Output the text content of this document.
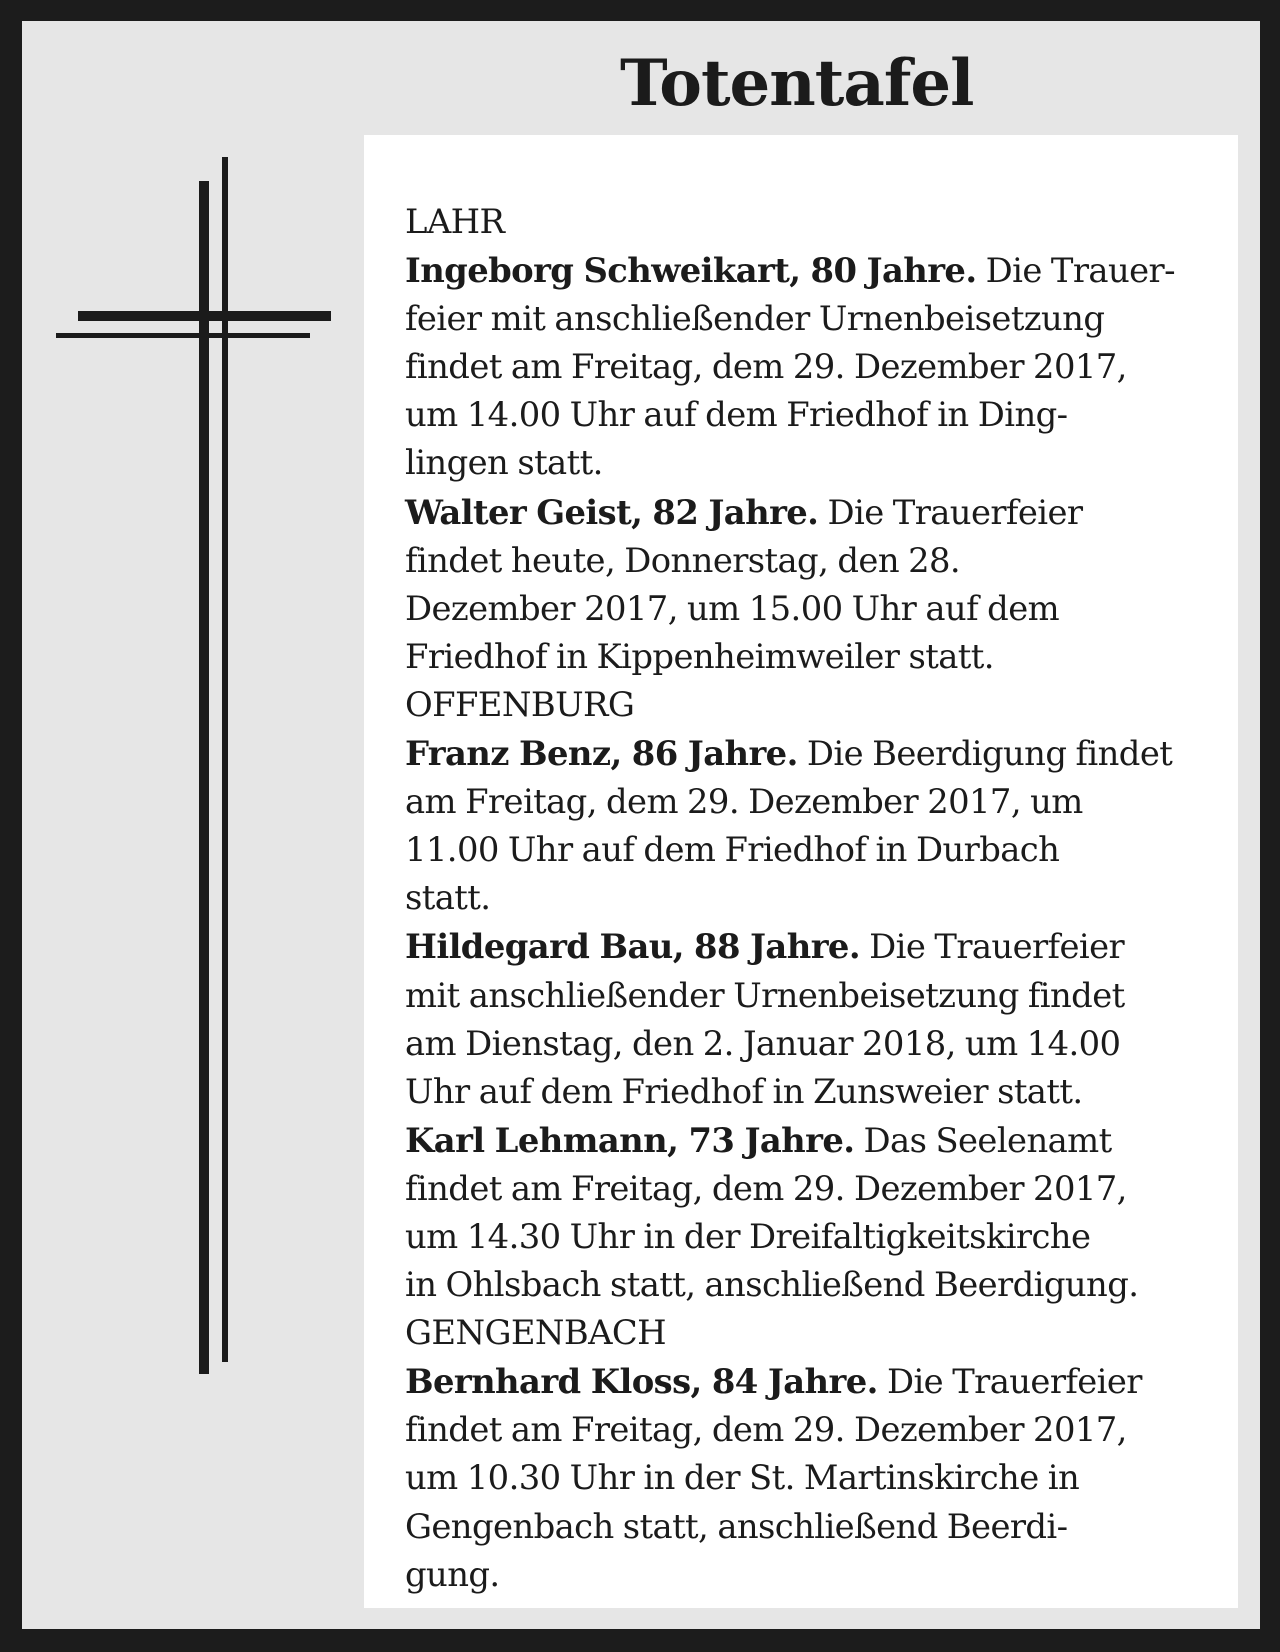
Totentafel
LAHR
Ingeborg Schweikart, 80 Jahre. Die Trauer-
feier mit anschließender Urnenbeisetzung
findet am Freitag, dem 29. Dezember 2017,
um 14.00 Uhr auf dem Friedhof in Ding-
lingen statt.
Walter Geist, 82 Jahre. Die Trauerfeier
findet heute, Donnerstag, den 28.
Dezember 2017, um 15.00 Uhr auf dem
Friedhof in Kippenheimweiler statt.
OFFENBURG
Franz Benz, 86 Jahre. Die Beerdigung findet
am Freitag, dem 29. Dezember 2017, um
11.00 Uhr auf dem Friedhof in Durbach
statt.
Hildegard Bau, 88 Jahre. Die Trauerfeier
mit anschließender Urnenbeisetzung findet
am Dienstag, den 2. Januar 2018, um 14.00
Uhr auf dem Friedhof in Zunsweier statt.
Karl Lehmann, 73 Jahre. Das Seelenamt
findet am Freitag, dem 29. Dezember 2017,
um 14.30 Uhr in der Dreifaltigkeitskirche
in Ohlsbach statt, anschließend Beerdigung.
GENGENBACH
Bernhard Kloss, 84 Jahre. Die Trauerfeier
findet am Freitag, dem 29. Dezember 2017,
um 10.30 Uhr in der St. Martinskirche in
Gengenbach statt, anschließend Beerdi-
gung.
